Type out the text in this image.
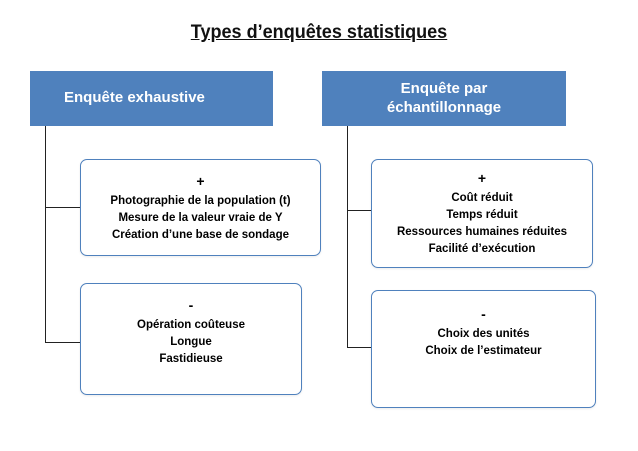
Types d’enquêtes statistiques
Enquête exhaustive
+
Photographie de la population (t)
Mesure de la valeur vraie de Y
Création d’une base de sondage
-
Opération coûteuse
Longue
Fastidieuse
Enquête par
échantillonnage
+
Coût réduit
Temps réduit
Ressources humaines réduites
Facilité d’exécution
-
Choix des unités
Choix de l’estimateur
